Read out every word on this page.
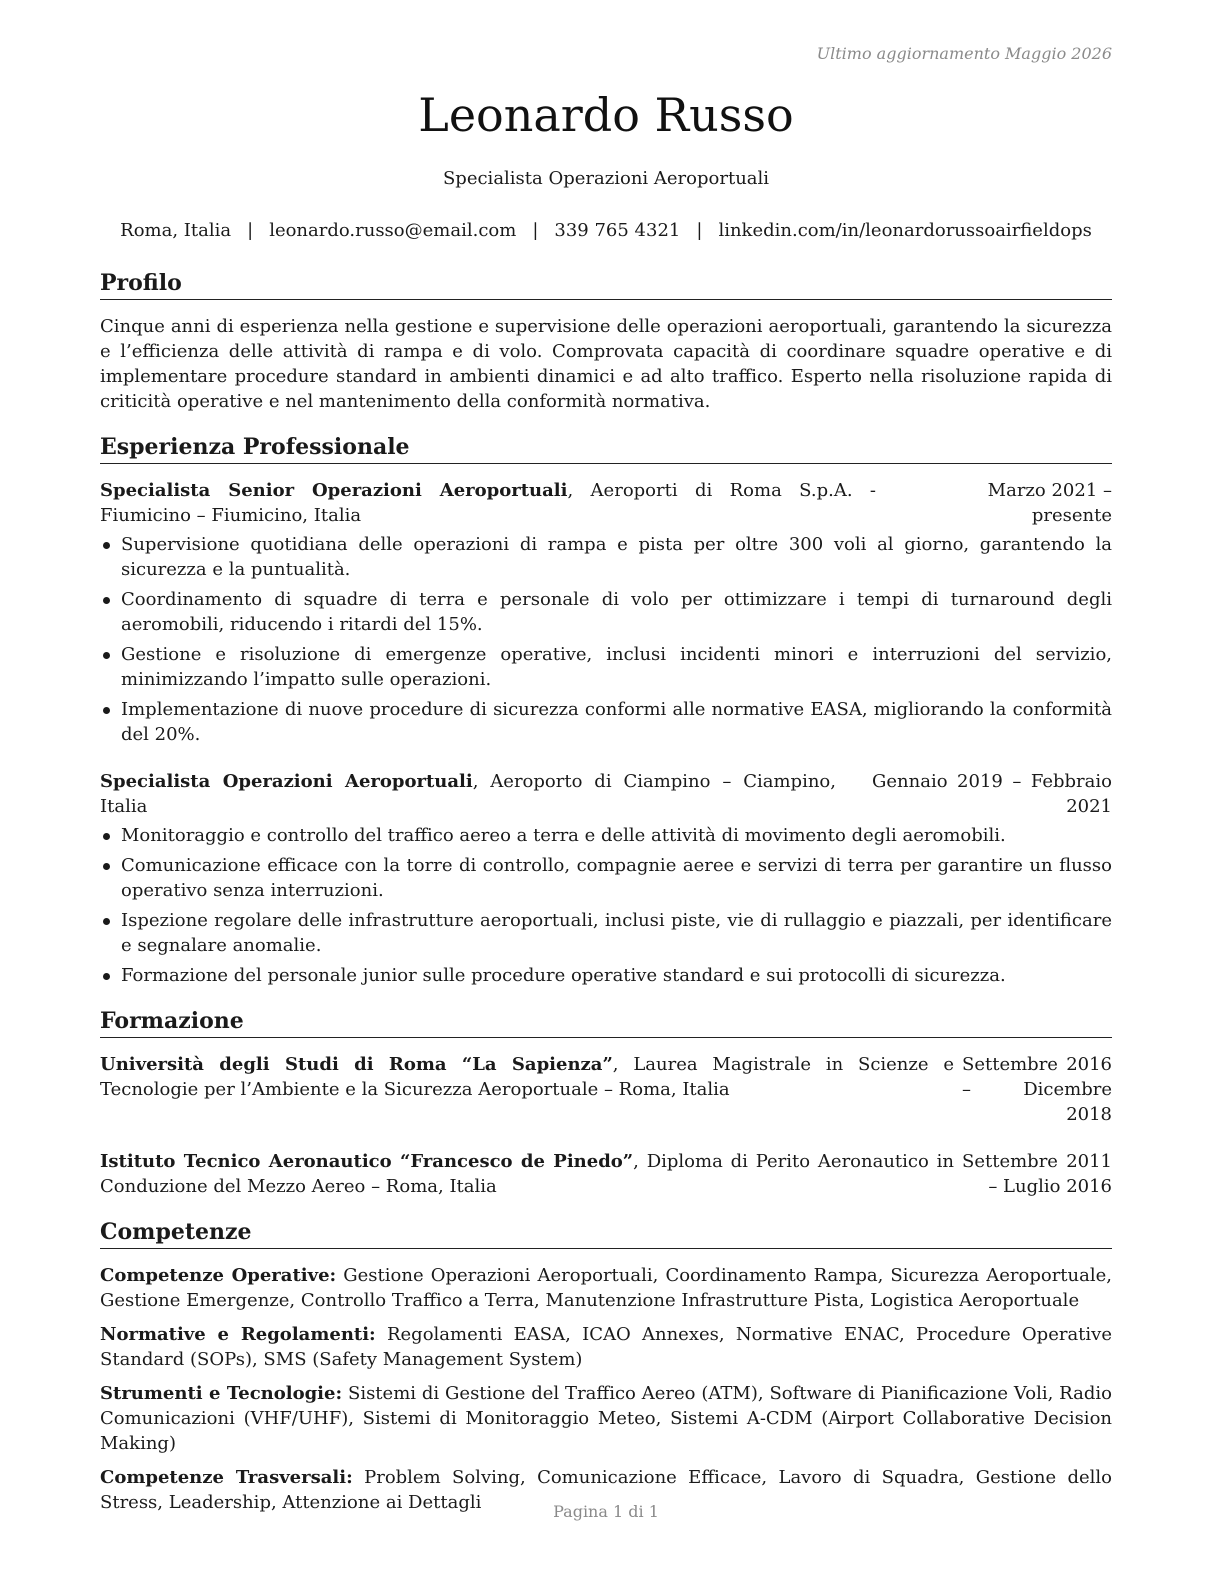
Ultimo aggiornamento Maggio 2026
Leonardo Russo
Specialista Operazioni Aeroportuali
Roma, Italia | leonardo.russo@email.com | 339 765 4321 | linkedin.com/in/leonardorussoairfieldops
Profilo

Cinque anni di esperienza nella gestione e supervisione delle operazioni aeroportuali, garantendo la sicurezza e l’efficienza delle attività di rampa e di volo. Comprovata capacità di coordinare squadre operative e di implementare procedure standard in ambienti dinamici e ad alto traffico. Esperto nella risoluzione rapida di criticità operative e nel mantenimento della conformità normativa.

Esperienza Professionale
Specialista Senior Operazioni Aeroportuali, Aeroporti di Roma S.p.A. - Fiumicino – Fiumicino, Italia
Marzo 2021 – presente
Supervisione quotidiana delle operazioni di rampa e pista per oltre 300 voli al giorno, garantendo la sicurezza e la puntualità.
Coordinamento di squadre di terra e personale di volo per ottimizzare i tempi di turnaround degli aeromobili, riducendo i ritardi del 15%.
Gestione e risoluzione di emergenze operative, inclusi incidenti minori e interruzioni del servizio, minimizzando l’impatto sulle operazioni.
Implementazione di nuove procedure di sicurezza conformi alle normative EASA, migliorando la conformità del 20%.
Specialista Operazioni Aeroportuali, Aeroporto di Ciampino – Ciampino, Italia
Gennaio 2019 – Febbraio 2021
Monitoraggio e controllo del traffico aereo a terra e delle attività di movimento degli aeromobili.
Comunicazione efficace con la torre di controllo, compagnie aeree e servizi di terra per garantire un flusso operativo senza interruzioni.
Ispezione regolare delle infrastrutture aeroportuali, inclusi piste, vie di rullaggio e piazzali, per identificare e segnalare anomalie.
Formazione del personale junior sulle procedure operative standard e sui protocolli di sicurezza.
Formazione
Università degli Studi di Roma “La Sapienza”, Laurea Magistrale in Scienze e Tecnologie per l’Ambiente e la Sicurezza Aeroportuale – Roma, Italia
Settembre 2016 – Dicembre 2018
Istituto Tecnico Aeronautico “Francesco de Pinedo”, Diploma di Perito Aeronautico in Conduzione del Mezzo Aereo – Roma, Italia
Settembre 2011 – Luglio 2016
Competenze
Competenze Operative: Gestione Operazioni Aeroportuali, Coordinamento Rampa, Sicurezza Aeroportuale, Gestione Emergenze, Controllo Traffico a Terra, Manutenzione Infrastrutture Pista, Logistica Aeroportuale
Normative e Regolamenti: Regolamenti EASA, ICAO Annexes, Normative ENAC, Procedure Operative Standard (SOPs), SMS (Safety Management System)
Strumenti e Tecnologie: Sistemi di Gestione del Traffico Aereo (ATM), Software di Pianificazione Voli, Radio Comunicazioni (VHF/UHF), Sistemi di Monitoraggio Meteo, Sistemi A-CDM (Airport Collaborative Decision Making)
Competenze Trasversali: Problem Solving, Comunicazione Efficace, Lavoro di Squadra, Gestione dello Stress, Leadership, Attenzione ai Dettagli	Pagina 1 di 1
